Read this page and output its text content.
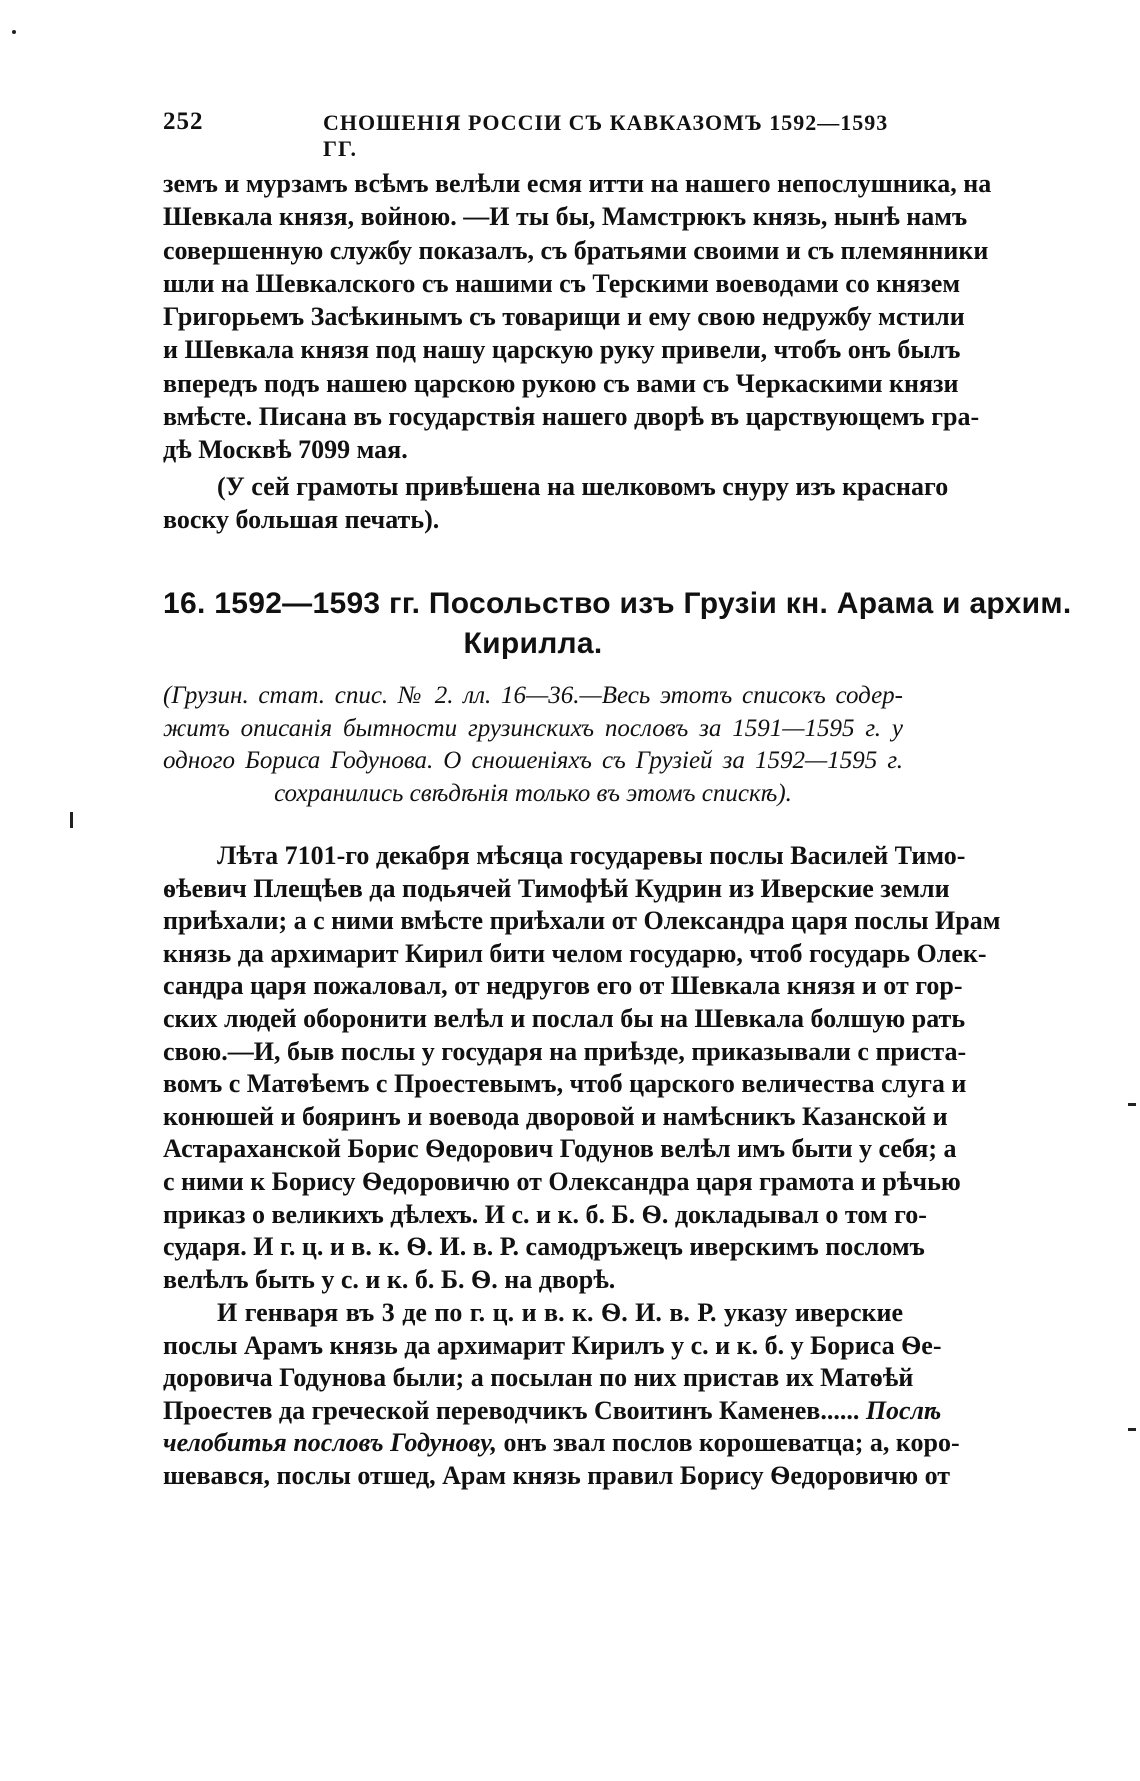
252	СНОШЕНІЯ РОССІИ СЪ КАВКАЗОМЪ 1592—1593 ГГ.
земъ и мурзамъ всѣмъ велѣли есмя итти на нашего непослушника, на
Шевкала князя, войною. —И ты бы, Мамстрюкъ князь, нынѣ намъ
совершенную службу показалъ, съ братьями своими и съ племянники
шли на Шевкалского съ нашими съ Терскими воеводами со князем
Григорьемъ Засѣкинымъ съ товарищи и ему свою недружбу мстили
и Шевкала князя под нашу царскую руку привели, чтобъ онъ былъ
впередъ подъ нашею царскою рукою съ вами съ Черкаскими князи
вмѣсте. Писана въ государствія нашего дворѣ въ царствующемъ гра-
дѣ Москвѣ 7099 мая.
(У сей грамоты привѣшена на шелковомъ снуру изъ краснаго
воску большая печать).
16. 1592—1593 гг. Посольство изъ Грузіи кн. Арама и архим.
Кирилла.
(Грузин. стат. спис. № 2. лл. 16—36.—Весь этотъ списокъ содер-
житъ описанія бытности грузинскихъ пословъ за 1591—1595 г. у
одного Бориса Годунова. О сношеніяхъ съ Грузіей за 1592—1595 г.
сохранились свѣдѣнія только въ этомъ спискѣ).
Лѣта 7101-го декабря мѣсяца государевы послы Василей Тимо-
ѳѣевич Плещѣев да подьячей Тимофѣй Кудрин из Иверские земли
приѣхали; а с ними вмѣсте приѣхали от Олександра царя послы Ирам
князь да архимарит Кирил бити челом государю, чтоб государь Олек-
сандра царя пожаловал, от недругов его от Шевкала князя и от гор-
ских людей оборонити велѣл и послал бы на Шевкала болшую рать
свою.—И, быв послы у государя на приѣзде, приказывали с приста-
вомъ с Матѳѣемъ с Проестевымъ, чтоб царского величества слуга и
конюшей и бояринъ и воевода дворовой и намѣсникъ Казанской и
Астараханской Борис Ѳедорович Годунов велѣл имъ быти у себя; а
с ними к Борису Ѳедоровичю от Олександра царя грамота и рѣчью
приказ о великихъ дѣлехъ. И с. и к. б. Б. Ѳ. докладывал о том го-
сударя. И г. ц. и в. к. Ѳ. И. в. Р. самодръжецъ иверскимъ посломъ
велѣлъ быть у с. и к. б. Б. Ѳ. на дворѣ.
И генваря въ 3 де по г. ц. и в. к. Ѳ. И. в. Р. указу иверские
послы Арамъ князь да архимарит Кирилъ у с. и к. б. у Бориса Ѳе-
доровича Годунова были; а посылан по них пристав их Матѳѣй
Проестев да греческой переводчикъ Своитинъ Каменев...... Послѣ
челобитья пословъ Годунову, онъ звал послов корошеватца; а, коро-
шевався, послы отшед, Арам князь правил Борису Ѳедоровичю от
